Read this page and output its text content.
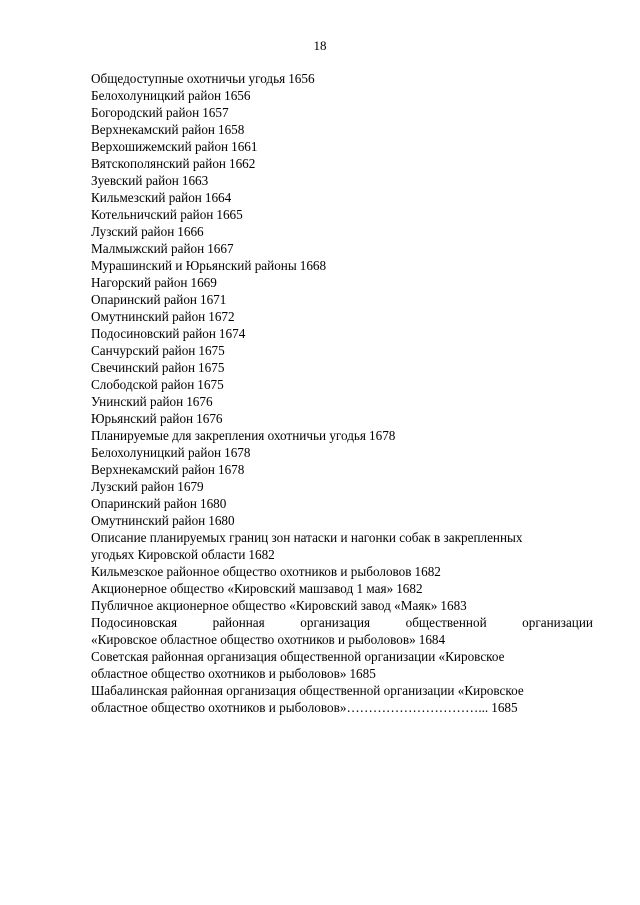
18
Общедоступные охотничьи угодья 1656
Белохолуницкий район 1656
Богородский район 1657
Верхнекамский район 1658
Верхошижемский район 1661
Вятскополянский район 1662
Зуевский район 1663
Кильмезский район 1664
Котельничский район 1665
Лузский район 1666
Малмыжский район 1667
Мурашинский и Юрьянский районы 1668
Нагорский район 1669
Опаринский район 1671
Омутнинский район 1672
Подосиновский район 1674
Санчурский район 1675
Свечинский район 1675
Слободской район 1675
Унинский район 1676
Юрьянский район 1676
Планируемые для закрепления охотничьи угодья 1678
Белохолуницкий район 1678
Верхнекамский район 1678
Лузский район 1679
Опаринский район 1680
Омутнинский район 1680
Описание планируемых границ зон натаски и нагонки собак в закрепленных
угодьях Кировской области 1682
Кильмезское районное общество охотников и рыболовов 1682
Акционерное общество «Кировский машзавод 1 мая» 1682
Публичное акционерное общество «Кировский завод «Маяк» 1683
Подосиновская	районная	организация	общественной	организации
«Кировское областное общество охотников и рыболовов» 1684
Советская районная организация общественной организации «Кировское
областное общество охотников и рыболовов» 1685
Шабалинская районная организация общественной организации «Кировское
областное общество охотников и рыболовов»…………………………... 1685
